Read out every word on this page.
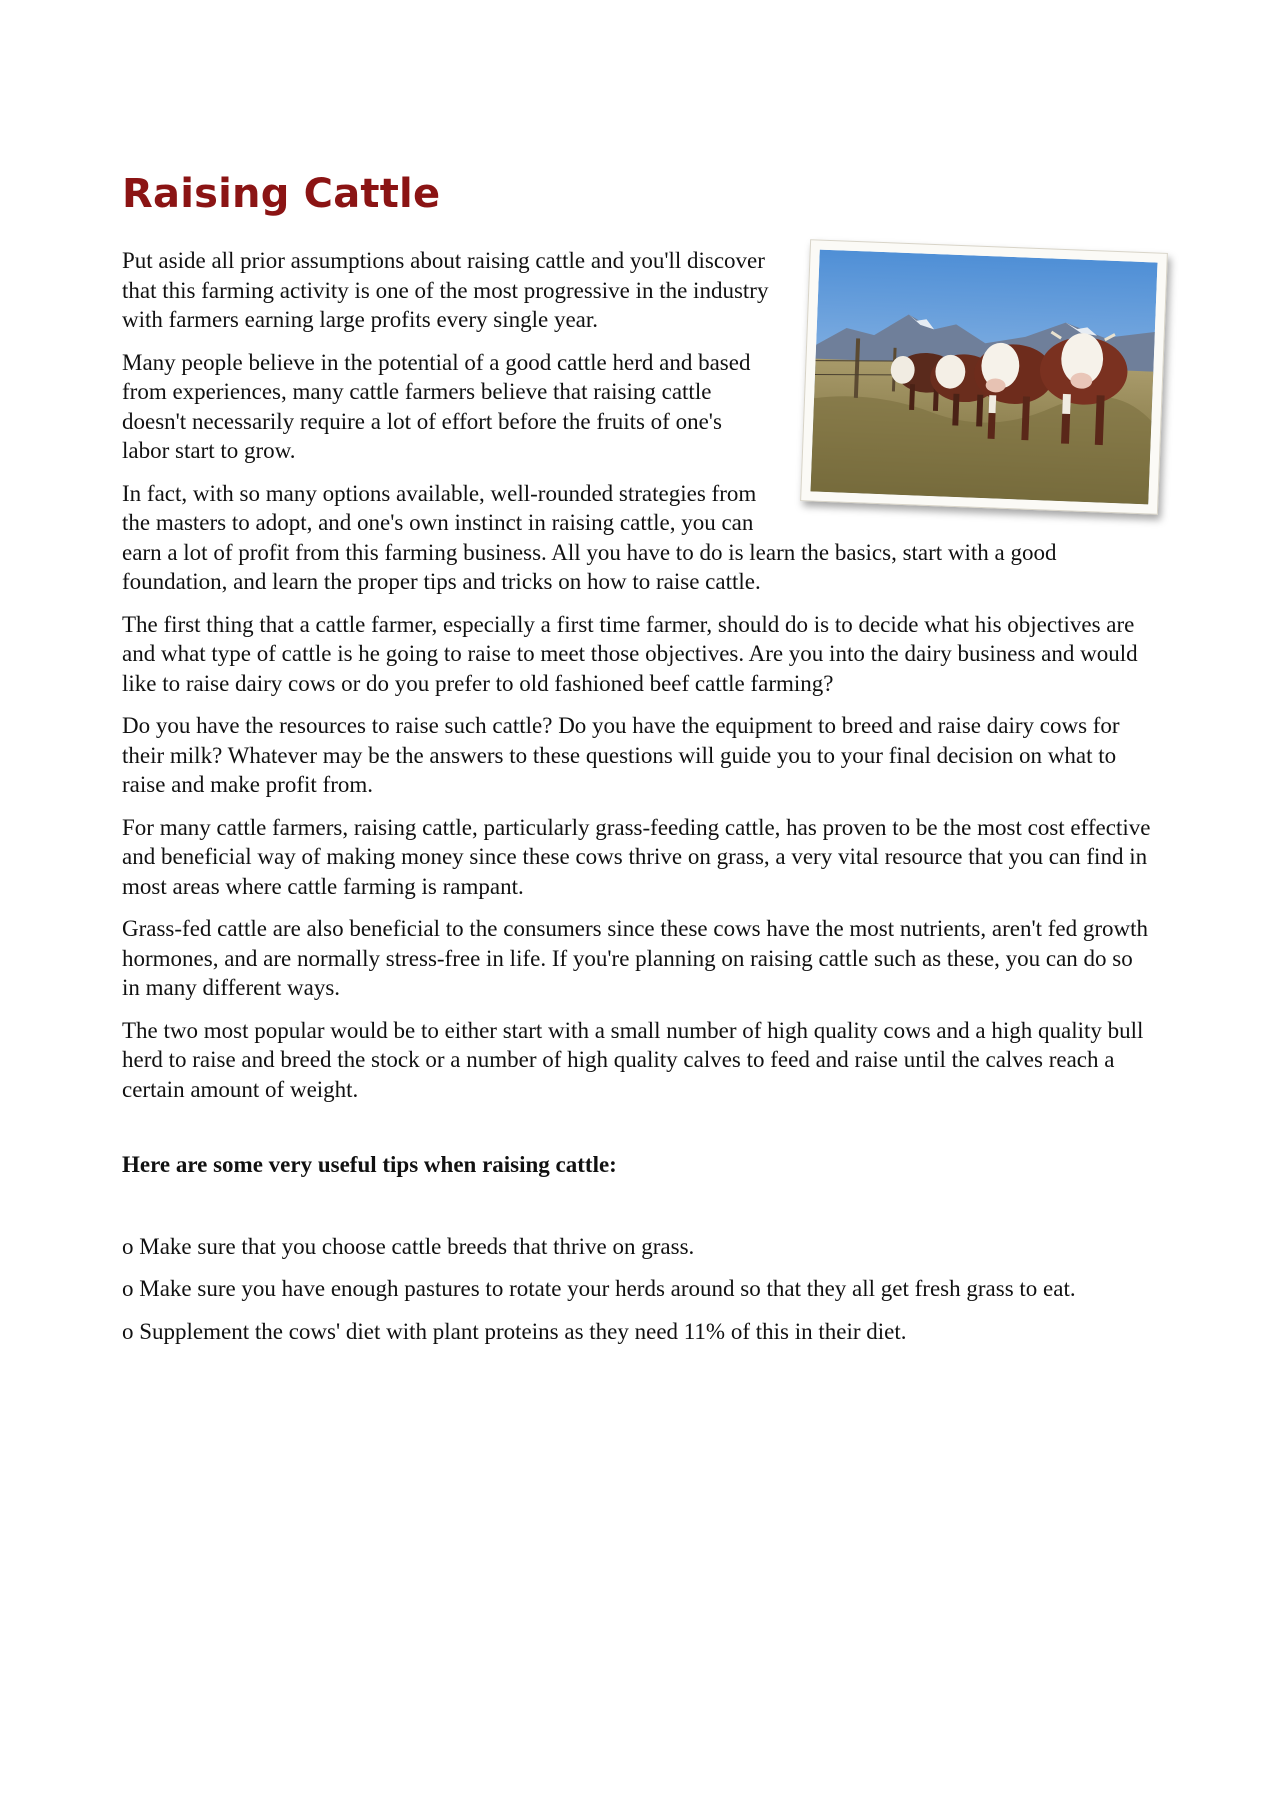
Raising Cattle

Put aside all prior assumptions about raising cattle and you'll discover that this farming activity is one of the most progressive in the industry with farmers earning large profits every single year.

Many people believe in the potential of a good cattle herd and based from experiences, many cattle farmers believe that raising cattle doesn't necessarily require a lot of effort before the fruits of one's labor start to grow.

In fact, with so many options available, well-rounded strategies from the masters to adopt, and one's own instinct in raising cattle, you can earn a lot of profit from this farming business. All you have to do is learn the basics, start with a good foundation, and learn the proper tips and tricks on how to raise cattle.

The first thing that a cattle farmer, especially a first time farmer, should do is to decide what his objectives are and what type of cattle is he going to raise to meet those objectives. Are you into the dairy business and would like to raise dairy cows or do you prefer to old fashioned beef cattle farming?

Do you have the resources to raise such cattle? Do you have the equipment to breed and raise dairy cows for their milk? Whatever may be the answers to these questions will guide you to your final decision on what to raise and make profit from.

For many cattle farmers, raising cattle, particularly grass-feeding cattle, has proven to be the most cost effective and beneficial way of making money since these cows thrive on grass, a very vital resource that you can find in most areas where cattle farming is rampant.

Grass-fed cattle are also beneficial to the consumers since these cows have the most nutrients, aren't fed growth hormones, and are normally stress-free in life. If you're planning on raising cattle such as these, you can do so in many different ways.

The two most popular would be to either start with a small number of high quality cows and a high quality bull herd to raise and breed the stock or a number of high quality calves to feed and raise until the calves reach a certain amount of weight.

Here are some very useful tips when raising cattle:

o Make sure that you choose cattle breeds that thrive on grass.

o Make sure you have enough pastures to rotate your herds around so that they all get fresh grass to eat.

o Supplement the cows' diet with plant proteins as they need 11% of this in their diet.
